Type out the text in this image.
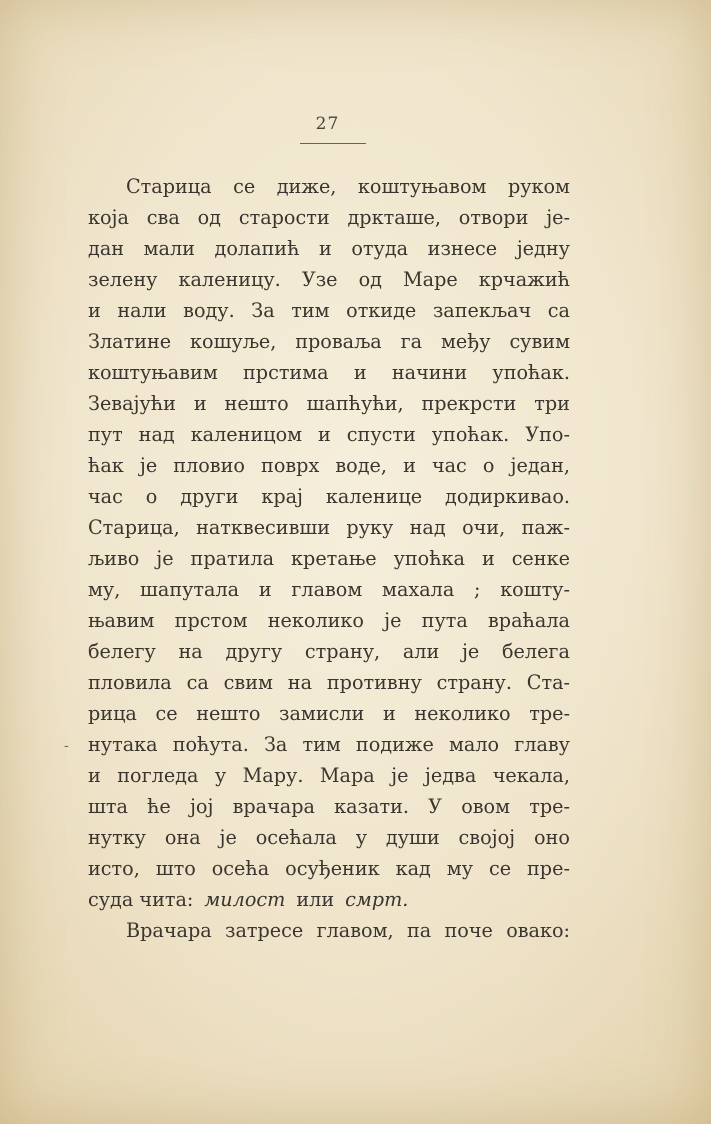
27
-
Старица се диже, коштуњавом руком
која сва од старости дркташе, отвори је-
дан мали долапић и отуда изнесе једну
зелену каленицу. Узе од Маре крчажић
и нали воду. За тим откиде запекљач са
Златине кошуље, проваља га међу сувим
коштуњавим прстима и начини упоћак.
Зевајући и нешто шапћући, прекрсти три
пут над каленицом и спусти упоћак. Упо-
ћак је пловио поврх воде, и час о један,
час о други крај каленице додиркивао.
Старица, натквесивши руку над очи, паж-
љиво је пратила кретање упоћка и сенке
му, шапутала и главом махала ; кошту-
њавим прстом неколико је пута враћала
белегу на другу страну, али је белега
пловила са свим на противну страну. Ста-
рица се нешто замисли и неколико тре-
нутака поћута. За тим подиже мало главу
и погледа у Мару. Мара је једва чекала,
шта ће јој врачара казати. У овом тре-
нутку она је осећала у души својој оно
исто, што осећа осуђеник кад му се пре-
суда чита: милост или смрт.
Врачара затресе главом, па поче овако:
